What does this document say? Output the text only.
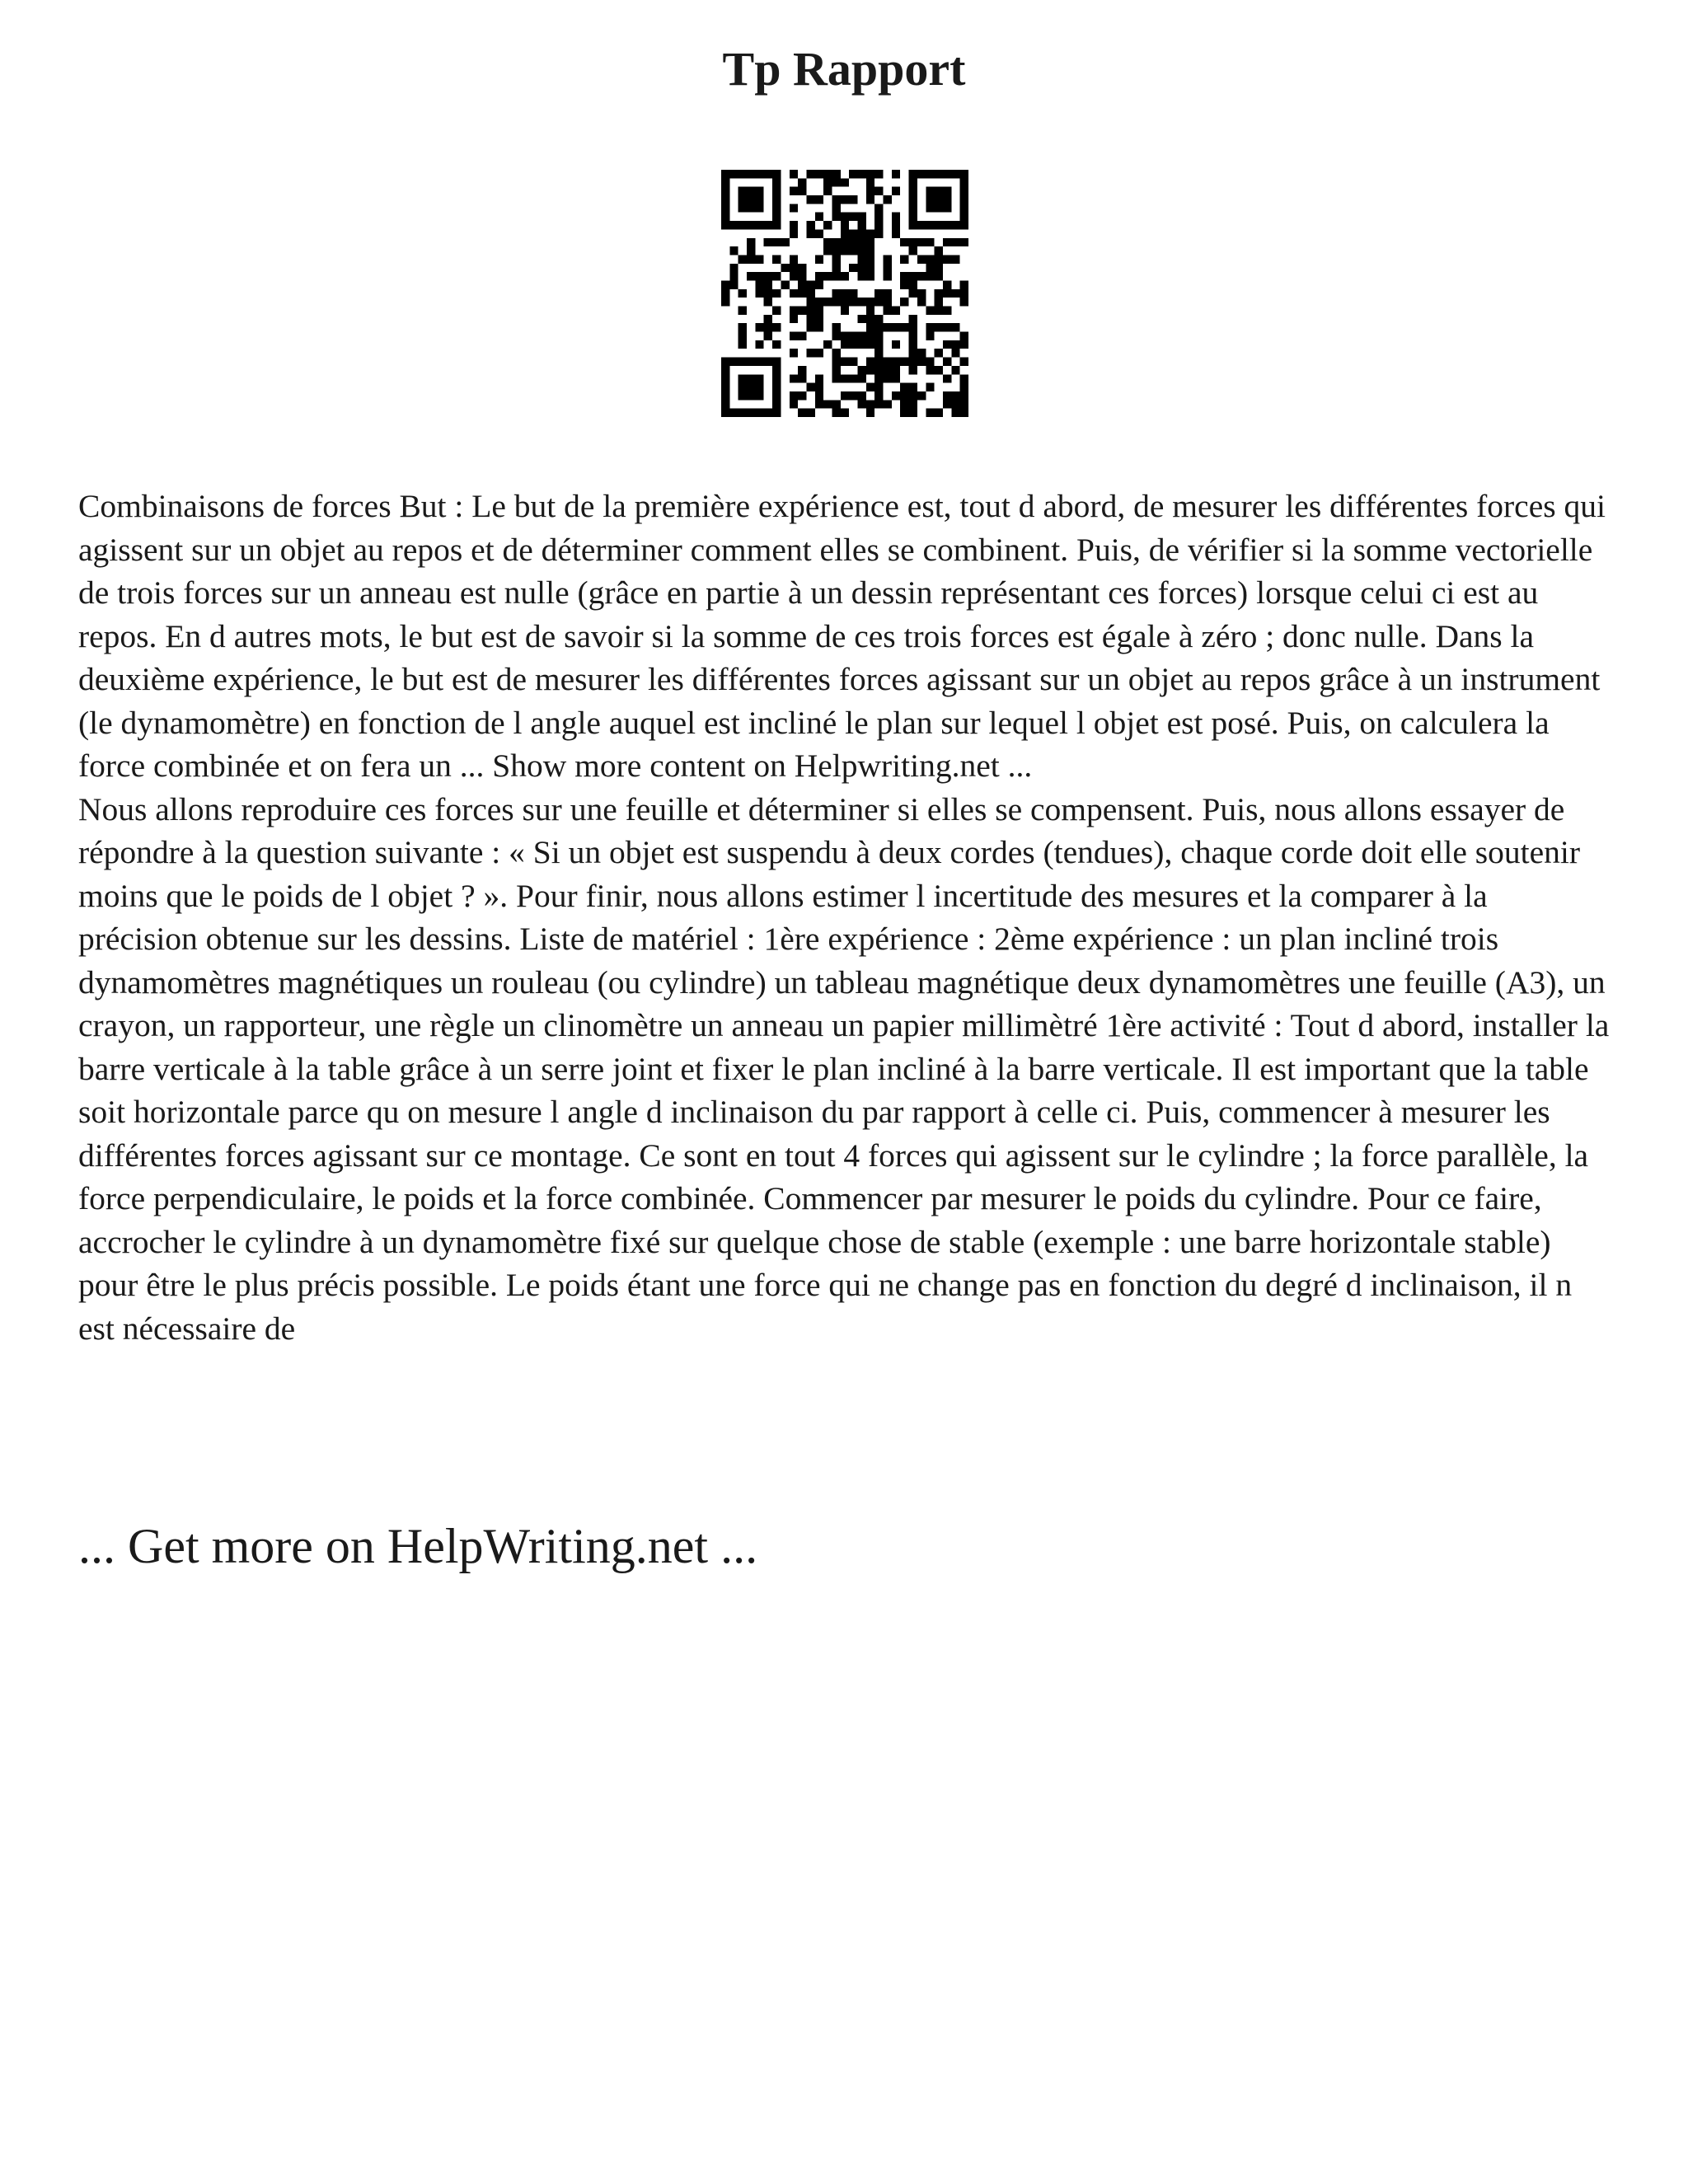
Tp Rapport

Combinaisons de forces But : Le but de la première expérience est, tout d abord, de mesurer les différentes forces qui agissent sur un objet au repos et de déterminer comment elles se combinent. Puis, de vérifier si la somme vectorielle de trois forces sur un anneau est nulle (grâce en partie à un dessin représentant ces forces) lorsque celui ci est au repos. En d autres mots, le but est de savoir si la somme de ces trois forces est égale à zéro ; donc nulle. Dans la deuxième expérience, le but est de mesurer les différentes forces agissant sur un objet au repos grâce à un instrument (le dynamomètre) en fonction de l angle auquel est incliné le plan sur lequel l objet est posé. Puis, on calculera la force combinée et on fera un ... Show more content on Helpwriting.net ...

Nous allons reproduire ces forces sur une feuille et déterminer si elles se compensent. Puis, nous allons essayer de répondre à la question suivante : « Si un objet est suspendu à deux cordes (tendues), chaque corde doit elle soutenir moins que le poids de l objet ? ». Pour finir, nous allons estimer l incertitude des mesures et la comparer à la précision obtenue sur les dessins. Liste de matériel : 1ère expérience : 2ème expérience : un plan incliné trois dynamomètres magnétiques un rouleau (ou cylindre) un tableau magnétique deux dynamomètres une feuille (A3), un crayon, un rapporteur, une règle un clinomètre un anneau un papier millimètré 1ère activité : Tout d abord, installer la barre verticale à la table grâce à un serre joint et fixer le plan incliné à la barre verticale. Il est important que la table soit horizontale parce qu on mesure l angle d inclinaison du par rapport à celle ci. Puis, commencer à mesurer les différentes forces agissant sur ce montage. Ce sont en tout 4 forces qui agissent sur le cylindre ; la force parallèle, la force perpendiculaire, le poids et la force combinée. Commencer par mesurer le poids du cylindre. Pour ce faire, accrocher le cylindre à un dynamomètre fixé sur quelque chose de stable (exemple : une barre horizontale stable) pour être le plus précis possible. Le poids étant une force qui ne change pas en fonction du degré d inclinaison, il n est nécessaire de

... Get more on HelpWriting.net ...
